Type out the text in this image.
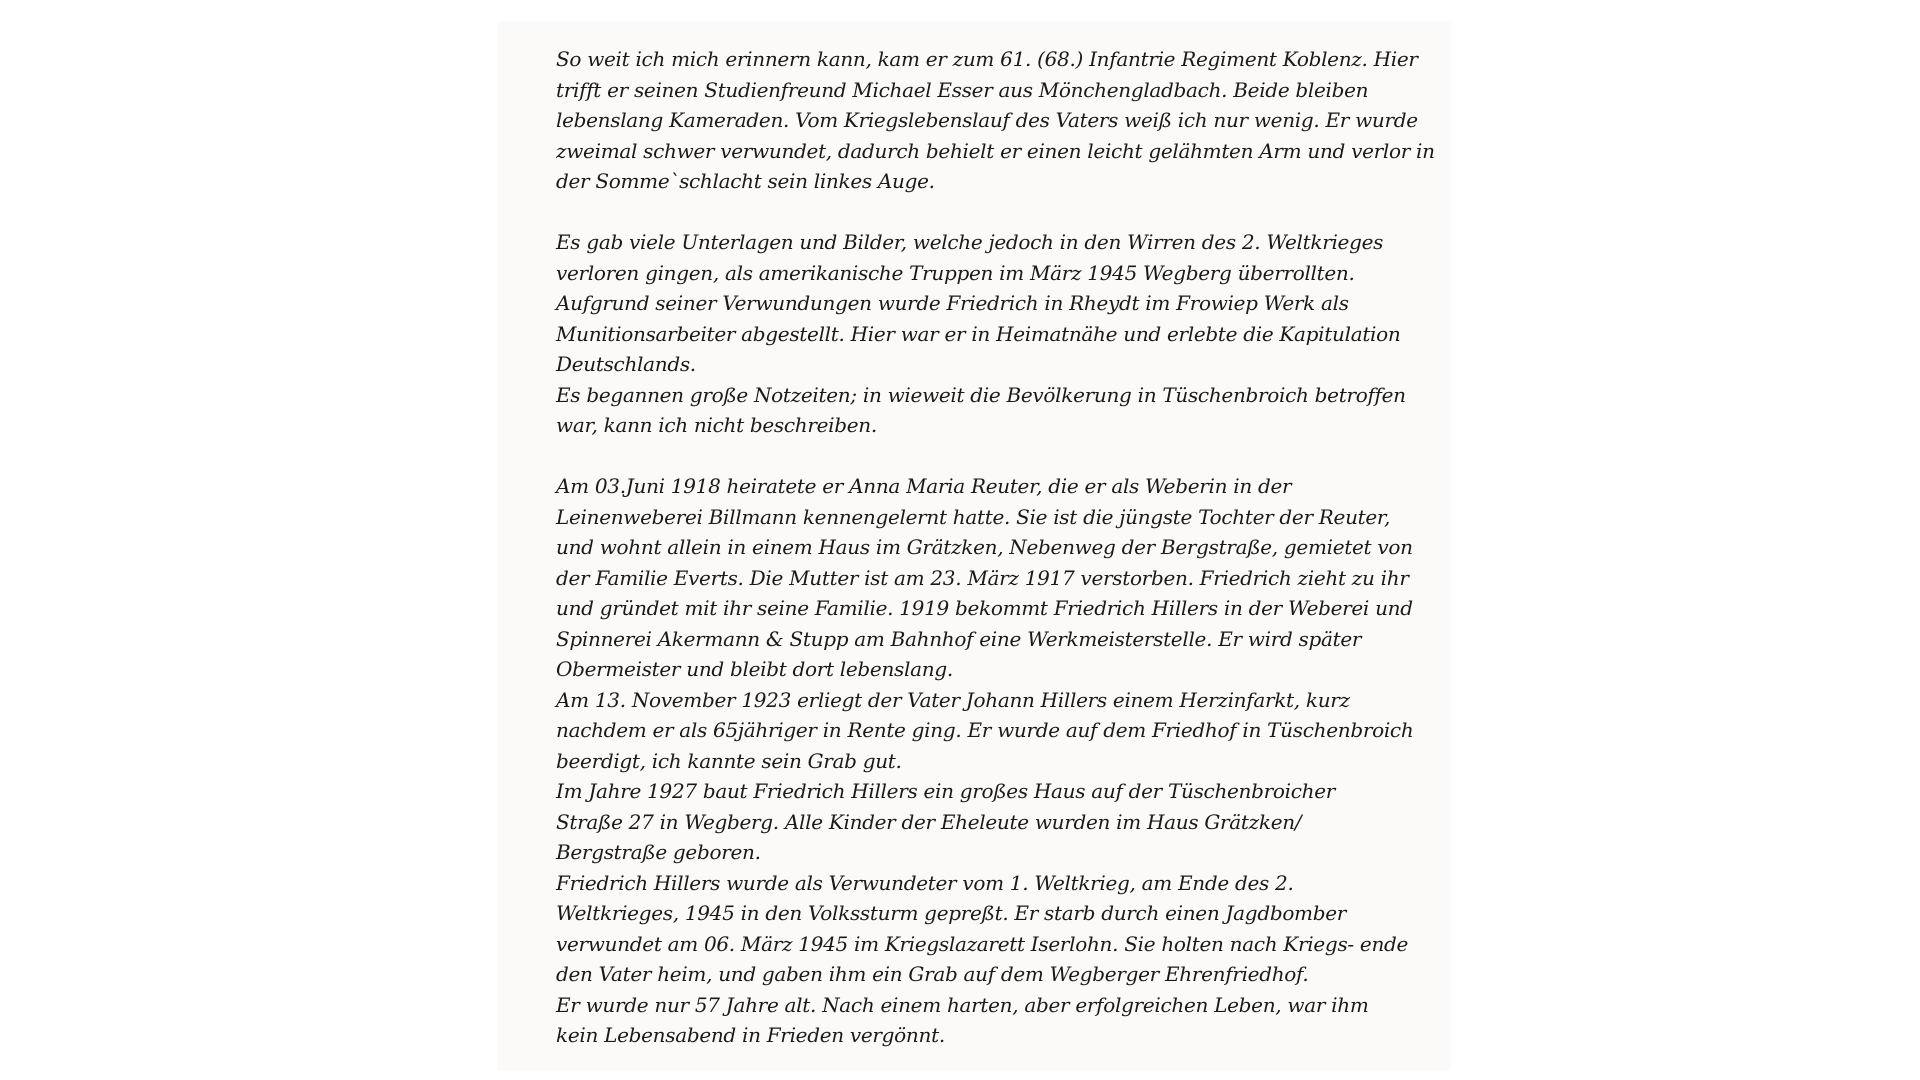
So weit ich mich erinnern kann, kam er zum 61. (68.) Infantrie Regiment Koblenz. Hier
trifft er seinen Studienfreund Michael Esser aus Mönchengladbach. Beide bleiben
lebenslang Kameraden. Vom Kriegslebenslauf des Vaters weiß ich nur wenig. Er wurde
zweimal schwer verwundet, dadurch behielt er einen leicht gelähmten Arm und verlor in
der Somme`schlacht sein linkes Auge.

Es gab viele Unterlagen und Bilder, welche jedoch in den Wirren des 2. Weltkrieges
verloren gingen, als amerikanische Truppen im März 1945 Wegberg überrollten.
Aufgrund seiner Verwundungen wurde Friedrich in Rheydt im Frowiep Werk als
Munitionsarbeiter abgestellt. Hier war er in Heimatnähe und erlebte die Kapitulation
Deutschlands.
Es begannen große Notzeiten; in wieweit die Bevölkerung in Tüschenbroich betroffen
war, kann ich nicht beschreiben.

Am 03.Juni 1918 heiratete er Anna Maria Reuter, die er als Weberin in der
Leinenweberei Billmann kennengelernt hatte. Sie ist die jüngste Tochter der Reuter,
und wohnt allein in einem Haus im Grätzken, Nebenweg der Bergstraße, gemietet von
der Familie Everts. Die Mutter ist am 23. März 1917 verstorben. Friedrich zieht zu ihr
und gründet mit ihr seine Familie. 1919 bekommt Friedrich Hillers in der Weberei und
Spinnerei Akermann & Stupp am Bahnhof eine Werkmeisterstelle. Er wird später
Obermeister und bleibt dort lebenslang.
Am 13. November 1923 erliegt der Vater Johann Hillers einem Herzinfarkt, kurz
nachdem er als 65jähriger in Rente ging. Er wurde auf dem Friedhof in Tüschenbroich
beerdigt, ich kannte sein Grab gut.
Im Jahre 1927 baut Friedrich Hillers ein großes Haus auf der Tüschenbroicher
Straße 27 in Wegberg. Alle Kinder der Eheleute wurden im Haus Grätzken/
Bergstraße geboren.
Friedrich Hillers wurde als Verwundeter vom 1. Weltkrieg, am Ende des 2.
Weltkrieges, 1945 in den Volkssturm gepreßt. Er starb durch einen Jagdbomber
verwundet am 06. März 1945 im Kriegslazarett Iserlohn. Sie holten nach Kriegs- ende
den Vater heim, und gaben ihm ein Grab auf dem Wegberger Ehrenfriedhof.
Er wurde nur 57 Jahre alt. Nach einem harten, aber erfolgreichen Leben, war ihm
kein Lebensabend in Frieden vergönnt.
